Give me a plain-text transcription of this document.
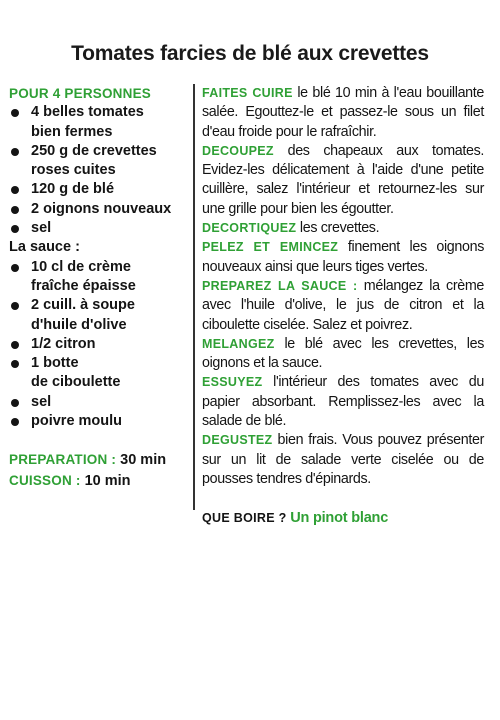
Tomates farcies de blé aux crevettes
POUR 4 PERSONNES
4 belles tomates
bien fermes
250 g de crevettes
roses cuites
120 g de blé
2 oignons nouveaux
sel
La sauce :
10 cl de crème
fraîche épaisse
2 cuill. à soupe
d'huile d'olive
1/2 citron
1 botte
de ciboulette
sel
poivre moulu
PREPARATION : 30 min
CUISSON : 10 min

FAITES CUIRE le blé 10 min à l'eau bouillante salée. Egouttez-le et passez-le sous un filet d'eau froide pour le rafraîchir.

DECOUPEZ des chapeaux aux tomates. Evidez-les délicatement à l'aide d'une petite cuillère, salez l'intérieur et retournez-les sur une grille pour bien les égoutter.

DECORTIQUEZ les crevettes.

PELEZ ET EMINCEZ finement les oignons nouveaux ainsi que leurs tiges vertes.

PREPAREZ LA SAUCE : mélangez la crème avec l'huile d'olive, le jus de citron et la ciboulette ciselée. Salez et poivrez.

MELANGEZ le blé avec les crevettes, les oignons et la sauce.

ESSUYEZ l'intérieur des tomates avec du papier absorbant. Remplissez-les avec la salade de blé.

DEGUSTEZ bien frais. Vous pouvez présenter sur un lit de salade verte ciselée ou de pousses tendres d'épinards.

QUE BOIRE ? Un pinot blanc
